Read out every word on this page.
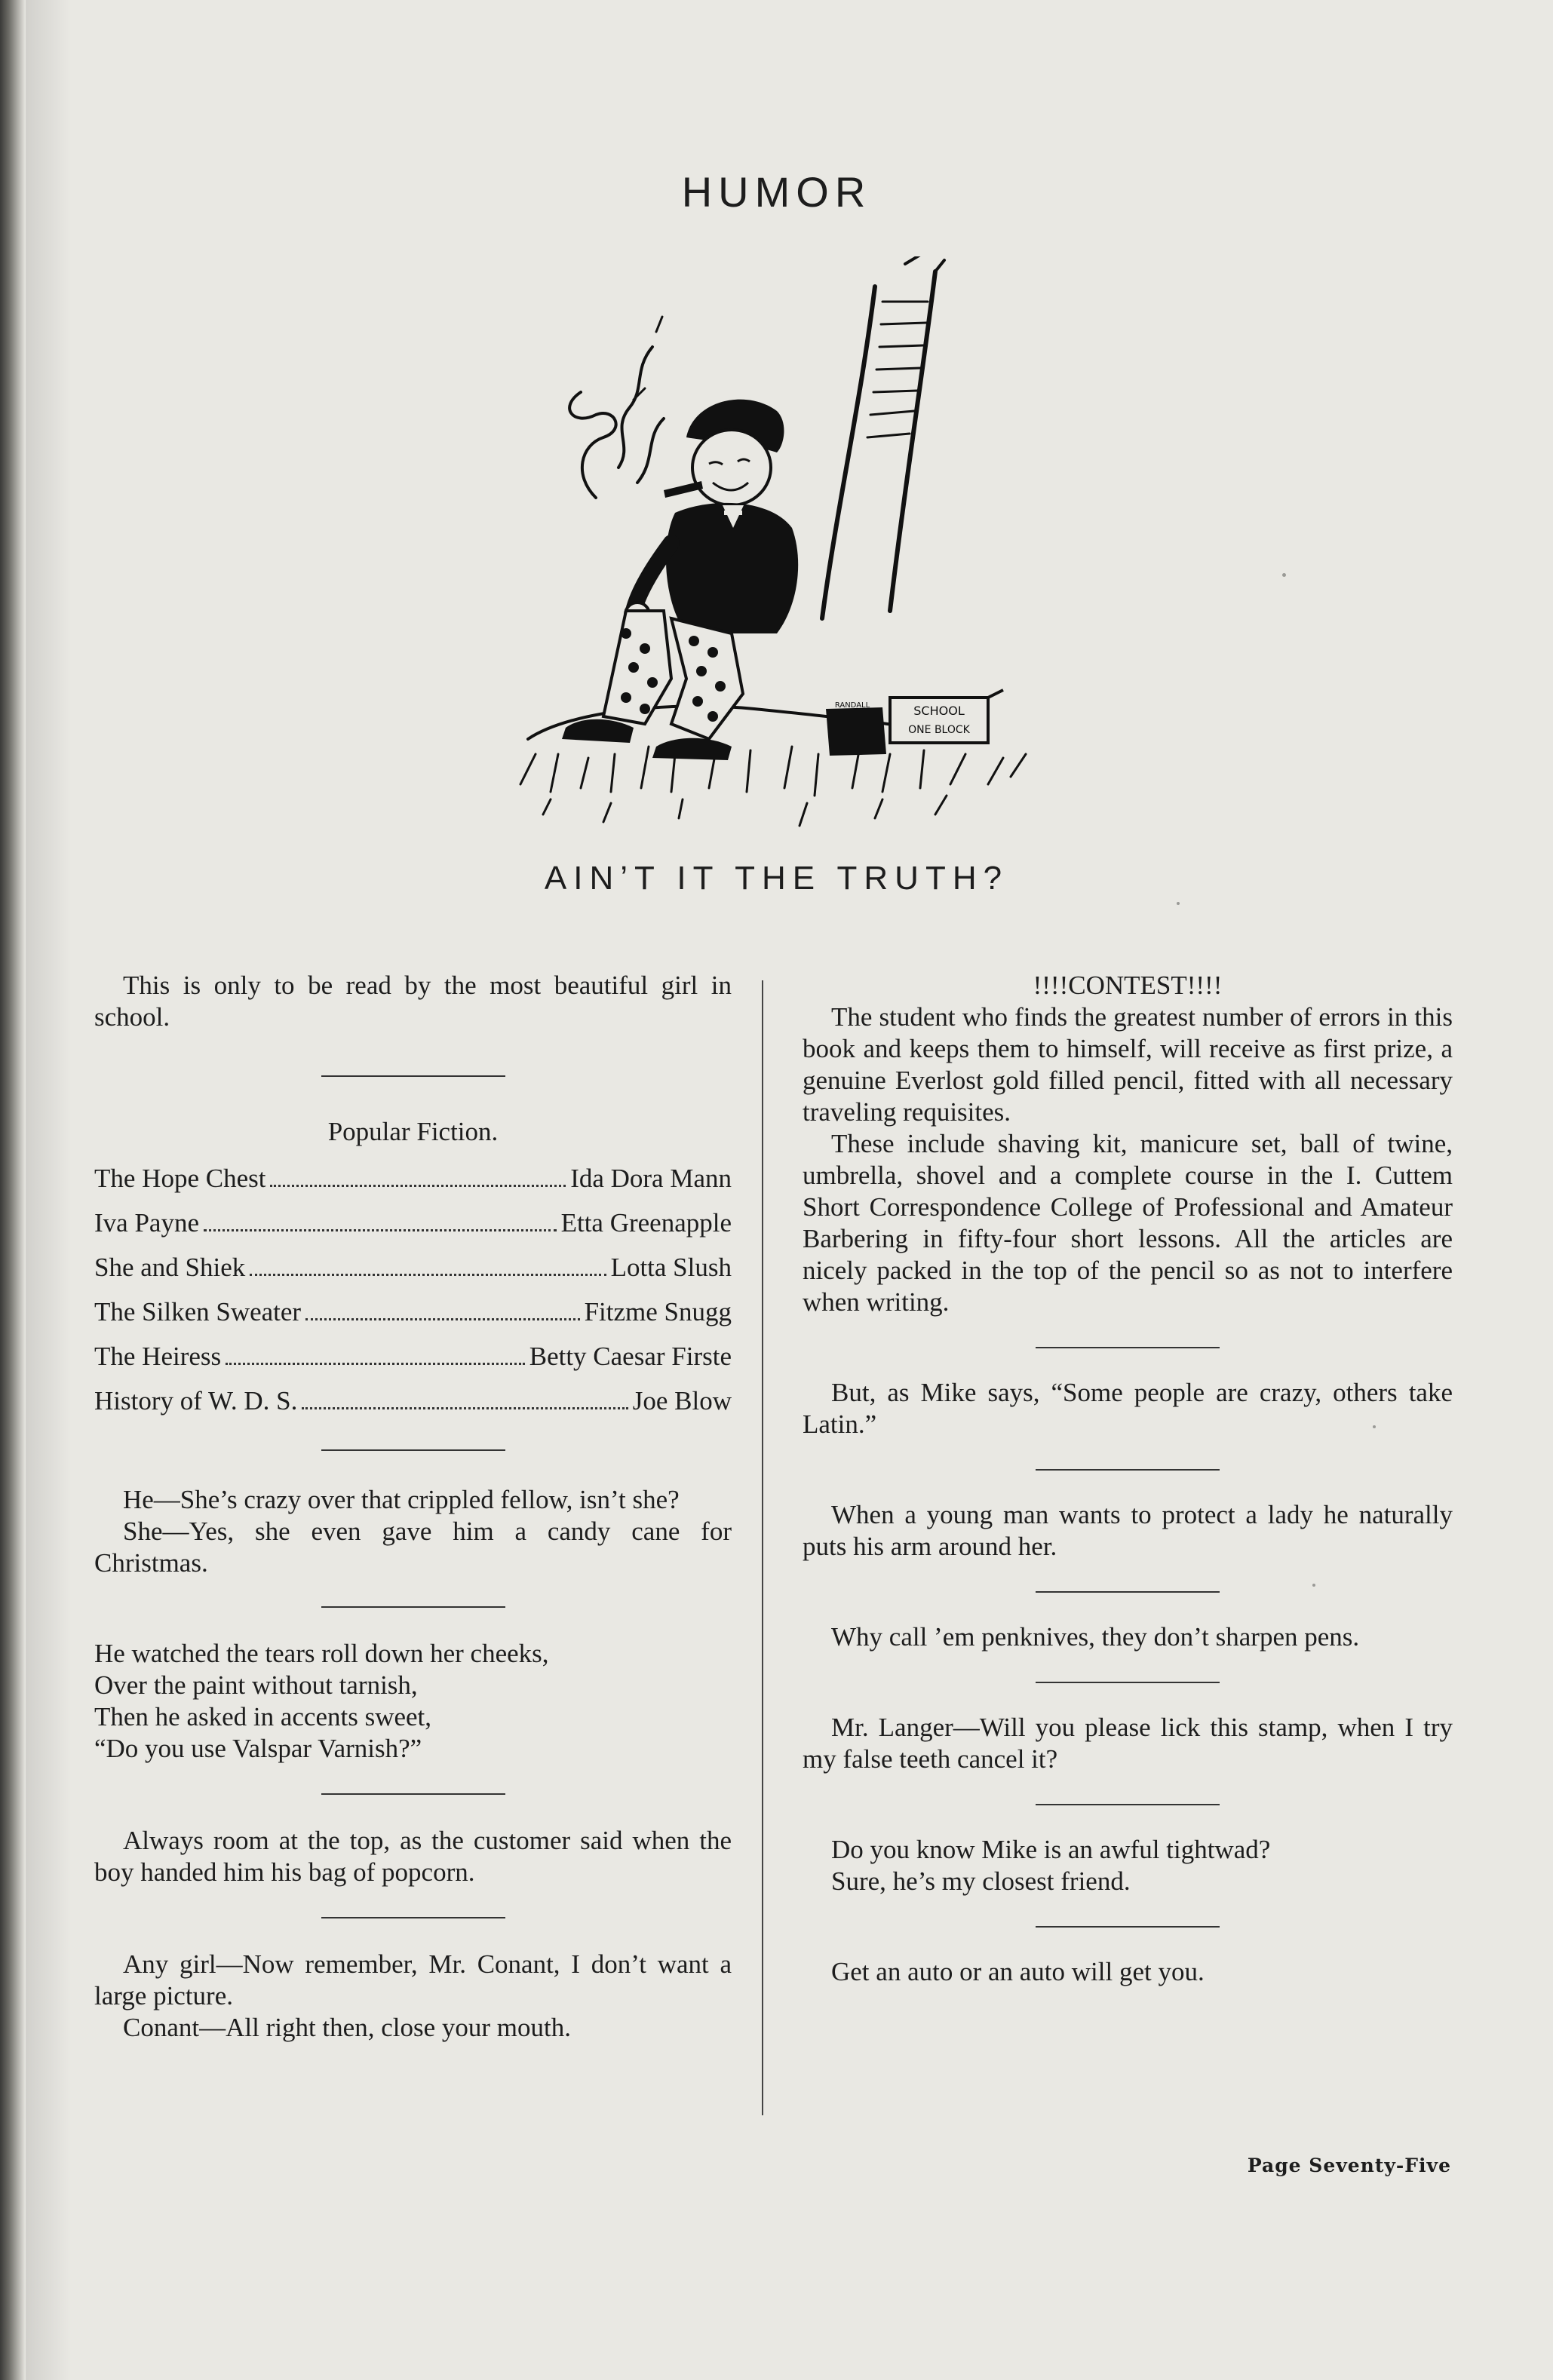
HUMOR
SCHOOL
ONE BLOCK
RANDALL
AIN’T IT THE TRUTH?

This is only to be read by the most beautiful girl in school.

Popular Fiction.
The Hope Chest	Ida Dora Mann
Iva Payne	Etta Greenapple
She and Shiek	Lotta Slush
The Silken Sweater	Fitzme Snugg
The Heiress	Betty Caesar Firste
History of W. D. S.	Joe Blow

He—She’s crazy over that crippled fellow, isn’t she?

She—Yes, she even gave him a candy cane for Christmas.

He watched the tears roll down her cheeks,
Over the paint without tarnish,
Then he asked in accents sweet,
“Do you use Valspar Varnish?”

Always room at the top, as the customer said when the boy handed him his bag of popcorn.

Any girl—Now remember, Mr. Conant, I don’t want a large picture.

Conant—All right then, close your mouth.

!!!!CONTEST!!!!

The student who finds the greatest number of errors in this book and keeps them to himself, will receive as first prize, a genuine Everlost gold filled pencil, fitted with all necessary traveling requisites.

These include shaving kit, manicure set, ball of twine, umbrella, shovel and a complete course in the I. Cuttem Short Correspondence College of Professional and Amateur Barbering in fifty-four short lessons. All the articles are nicely packed in the top of the pencil so as not to interfere when writing.

But, as Mike says, “Some people are crazy, others take Latin.”

When a young man wants to protect a lady he naturally puts his arm around her.

Why call ’em penknives, they don’t sharpen pens.

Mr. Langer—Will you please lick this stamp, when I try my false teeth cancel it?

Do you know Mike is an awful tightwad?

Sure, he’s my closest friend.

Get an auto or an auto will get you.

Page Seventy-Five
